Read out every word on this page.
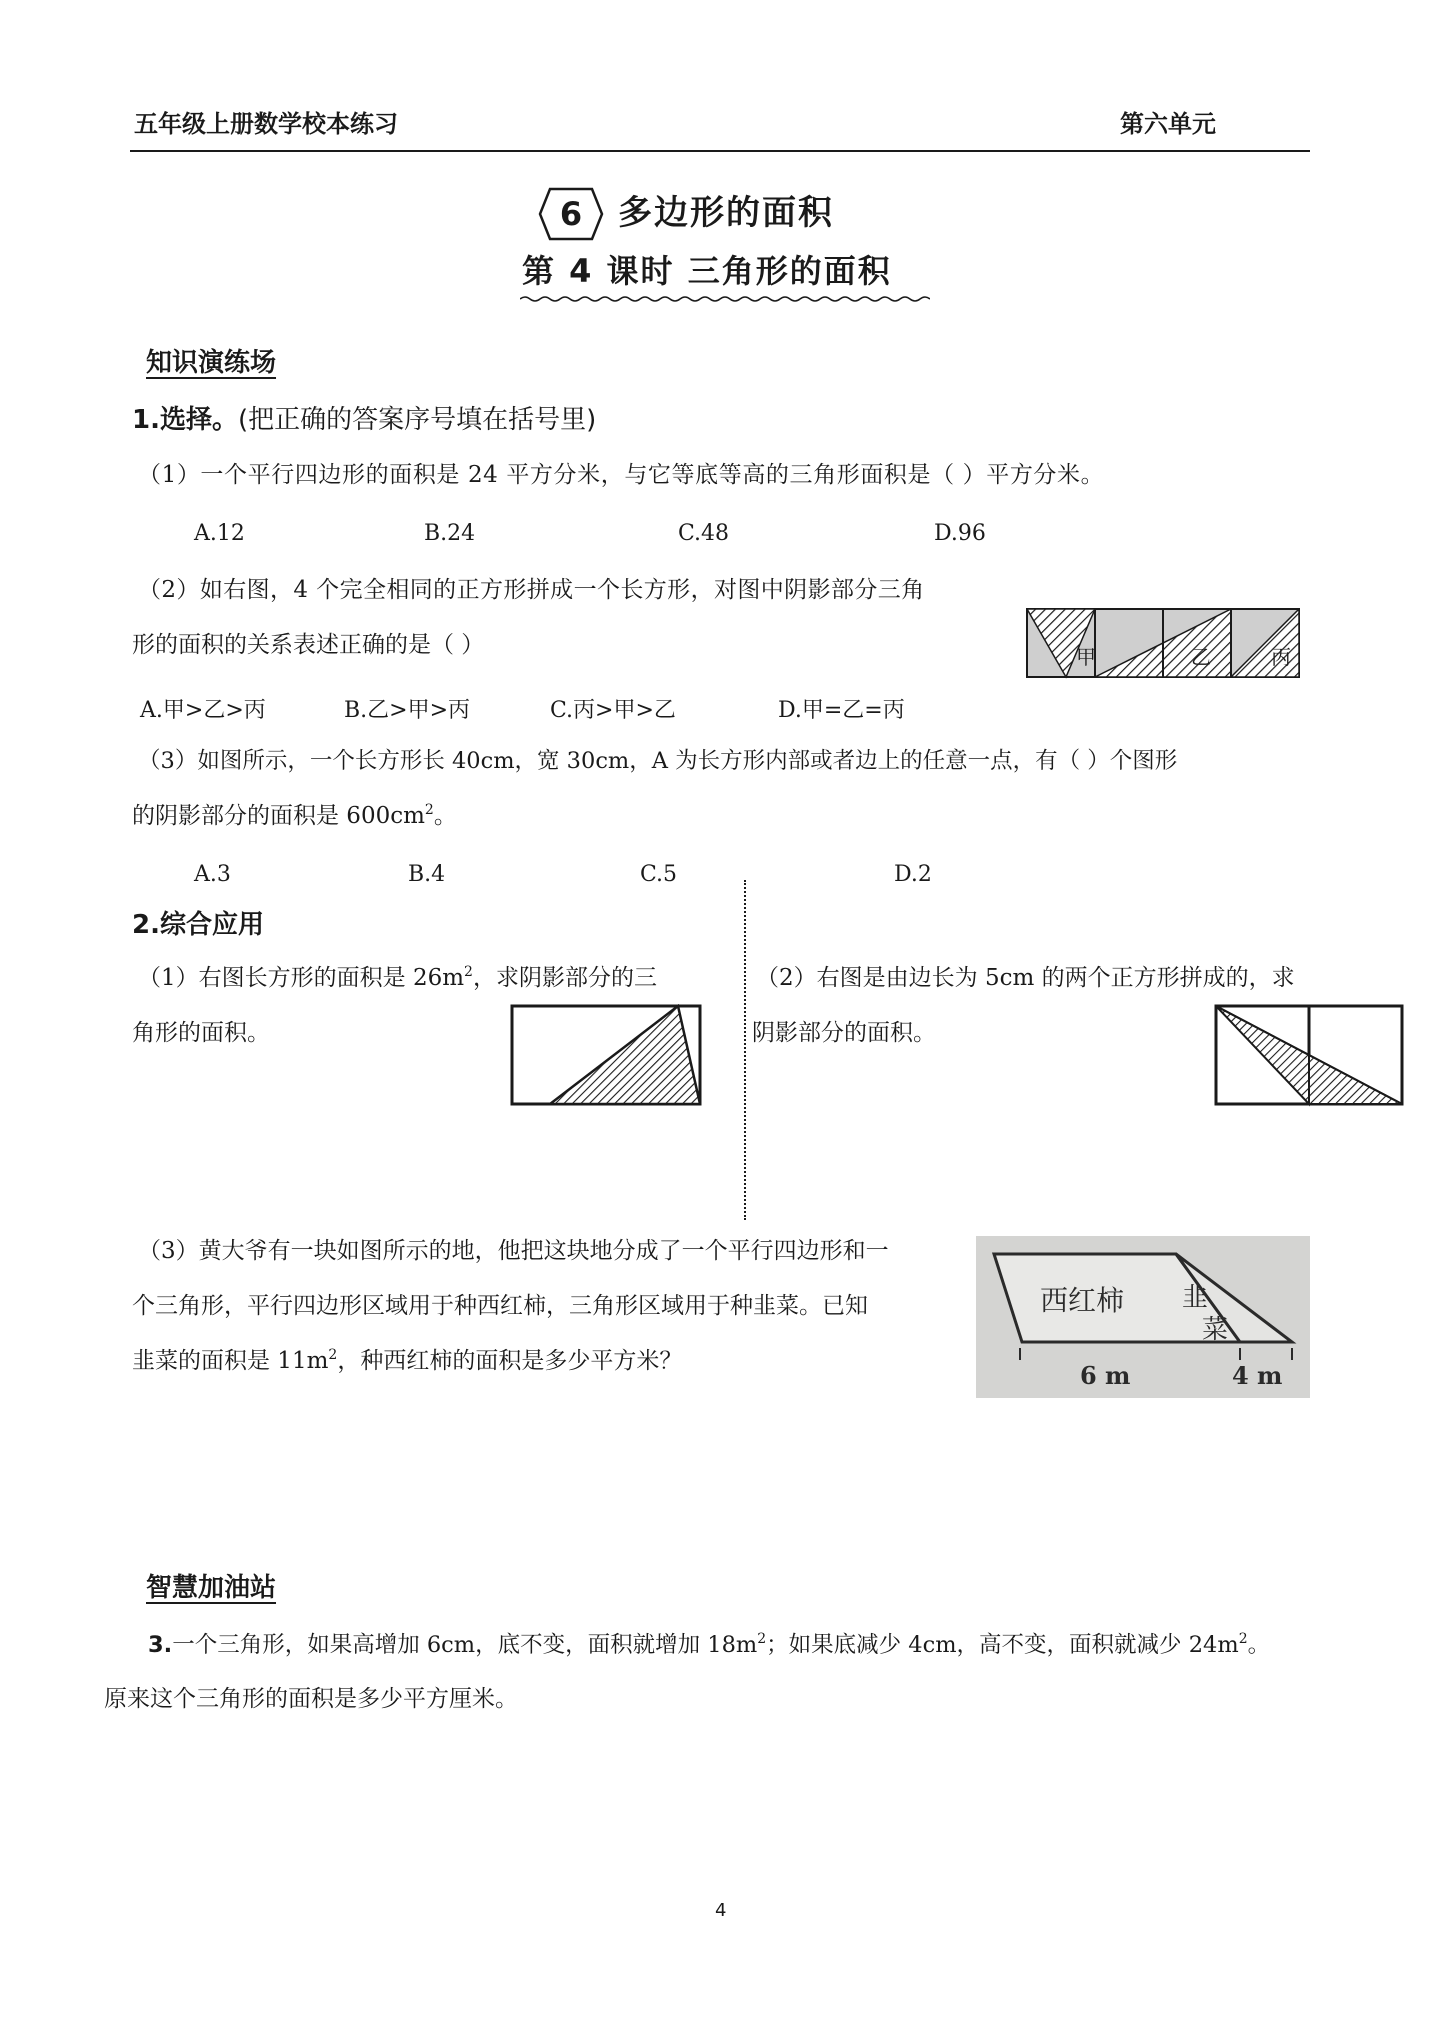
五年级上册数学校本练习	第六单元
6 多边形的面积
第 4 课时 三角形的面积
知识演练场
1.选择。(把正确的答案序号填在括号里)
（1）一个平行四边形的面积是 24 平方分米，与它等底等高的三角形面积是（ ）平方分米。
A.12	B.24	C.48	D.96
（2）如右图，4 个完全相同的正方形拼成一个长方形，对图中阴影部分三角
形的面积的关系表述正确的是（ ）	甲	乙	丙
A.甲>乙>丙	B.乙>甲>丙	C.丙>甲>乙	D.甲=乙=丙
（3）如图所示，一个长方形长 40cm，宽 30cm，A 为长方形内部或者边上的任意一点，有（ ）个图形
的阴影部分的面积是 $600cm^2$。
A.3	B.4	C.5	D.2
2.综合应用
（1）右图长方形的面积是 $26m^2$，求阴影部分的三
角形的面积。
（2）右图是由边长为 5cm 的两个正方形拼成的，求
阴影部分的面积。
（3）黄大爷有一块如图所示的地，他把这块地分成了一个平行四边形和一
个三角形，平行四边形区域用于种西红柿，三角形区域用于种韭菜。已知
韭菜的面积是 $11m^2$，种西红柿的面积是多少平方米？
西红柿 韭
菜
6 m	4 m
智慧加油站
3.一个三角形，如果高增加 6cm，底不变，面积就增加 $18m^2$；如果底减少 4cm，高不变，面积就减少 $24m^2$。
原来这个三角形的面积是多少平方厘米。
4
